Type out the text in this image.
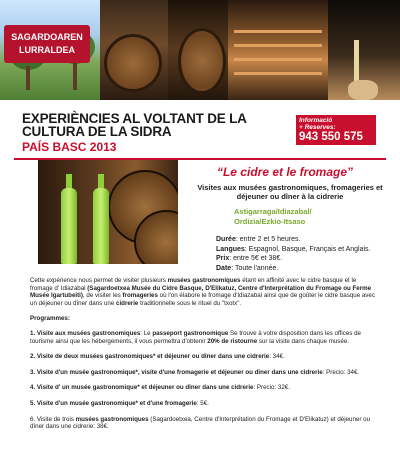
SAGARDOAREN
LURRALDEA
EXPERIÈNCIES AL VOLTANT DE LA CULTURA DE LA SIDRA
PAÍS BASC 2013
Informació
+ Reserves:
943 550 575
“Le cidre et le fromage”
Visites aux musées gastronomiques, fromageries et déjeuner ou dîner à la cidrerie
Astigarraga/Idiazabal/
Ordizia/Ezkio-Itsaso
Durée: entre 2 et 5 heures.
Langues: Espagnol, Basque, Français et Anglais.
Prix: entre 5€ et 38€.
Date: Toute l'année.

Cette expérience nous permet de visiter plusieurs musées gastronomiques étant en affinité avec le cidre basque et le fromage d' Idiazabal (Sagardoetxea Musée du Cidre Basque, D'Elikatuz, Centre d'Interprétation du Fromage ou Ferme Musée Igartubeiti), de visiter les fromageries où l'on élabore le fromage d'Idiazabal ainsi que de goûter le cidre basque avec un déjeuner ou dîner dans une cidrerie traditionnelle sous le rituel du "txotx".

Programmes:

1. Visite aux musées gastronomiques: Le passeport gastronomique Se trouve à votre disposition dans les offices de tourisme ainsi que les hébergements, il vous permettra d'obtenir 20% de ristourne sur la visite dans chaque musée.

2. Visite de deux musées gastronomiques* et déjeuner ou dîner dans une cidrerie: 34€.

3. Visite d'un musée gastronomique*, visite d'une fromagerie et déjeuner ou dîner dans une cidrerie: Precio: 34€.

4. Visite d' un musée gastronomique* et déjeuner ou dîner dans une cidrerie: Precio: 32€.

5. Visite d'un musée gastronomique* et d'une fromagerie: 5€.

6. Visite de trois musées gastronomiques (Sagardoetxea, Centre d'Interprétation du Fromage et D'Elikatuz) et déjeuner ou dîner dans une cidrerie: 38€.
